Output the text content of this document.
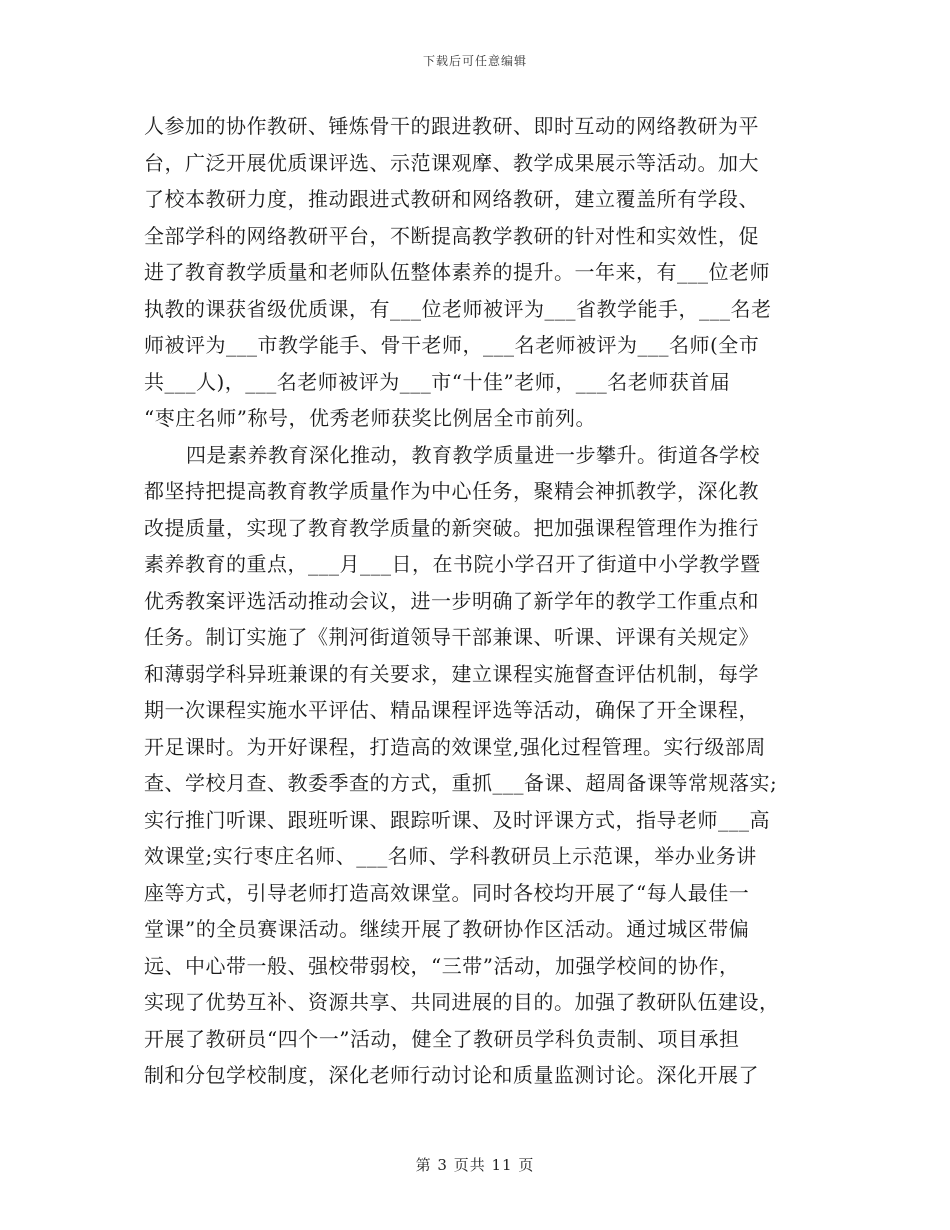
下载后可任意编辑
人参加的协作教研、锤炼骨干的跟进教研、即时互动的网络教研为平
台，广泛开展优质课评选、示范课观摩、教学成果展示等活动。加大
了校本教研力度，推动跟进式教研和网络教研，建立覆盖所有学段、
全部学科的网络教研平台，不断提高教学教研的针对性和实效性，促
进了教育教学质量和老师队伍整体素养的提升。一年来，有___位老师
执教的课获省级优质课，有___位老师被评为___省教学能手，___名老
师被评为___市教学能手、骨干老师，___名老师被评为___名师(全市
共___人)，___名老师被评为___市“十佳”老师，___名老师获首届
“枣庄名师”称号，优秀老师获奖比例居全市前列。
四是素养教育深化推动，教育教学质量进一步攀升。街道各学校
都坚持把提高教育教学质量作为中心任务，聚精会神抓教学，深化教
改提质量，实现了教育教学质量的新突破。把加强课程管理作为推行
素养教育的重点，___月___日，在书院小学召开了街道中小学教学暨
优秀教案评选活动推动会议，进一步明确了新学年的教学工作重点和
任务。制订实施了《荆河街道领导干部兼课、听课、评课有关规定》
和薄弱学科异班兼课的有关要求，建立课程实施督查评估机制，每学
期一次课程实施水平评估、精品课程评选等活动，确保了开全课程，
开足课时。为开好课程，打造高的效课堂,强化过程管理。实行级部周
查、学校月查、教委季查的方式，重抓___备课、超周备课等常规落实;
实行推门听课、跟班听课、跟踪听课、及时评课方式，指导老师___高
效课堂;实行枣庄名师、___名师、学科教研员上示范课，举办业务讲
座等方式，引导老师打造高效课堂。同时各校均开展了“每人最佳一
堂课”的全员赛课活动。继续开展了教研协作区活动。通过城区带偏
远、中心带一般、强校带弱校，“三带”活动，加强学校间的协作，
实现了优势互补、资源共享、共同进展的目的。加强了教研队伍建设，
开展了教研员“四个一”活动，健全了教研员学科负责制、项目承担
制和分包学校制度，深化老师行动讨论和质量监测讨论。深化开展了
第 3 页共 11 页
